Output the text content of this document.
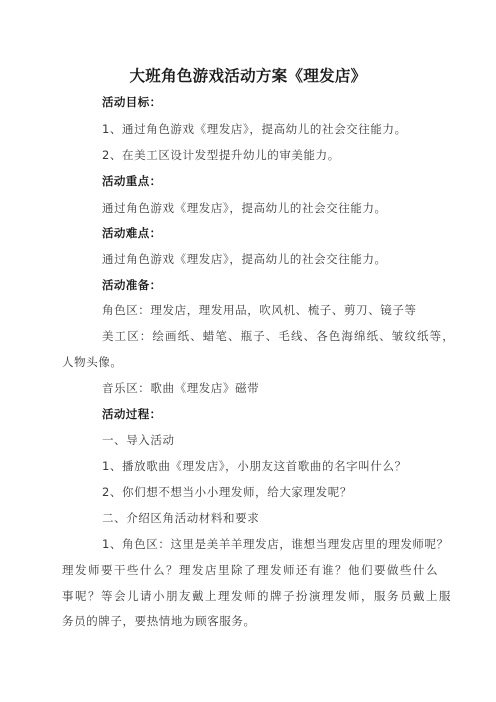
大班角色游戏活动方案《理发店》
活动目标：
1、通过角色游戏《理发店》，提高幼儿的社会交往能力。
2、在美工区设计发型提升幼儿的审美能力。
活动重点：
通过角色游戏《理发店》，提高幼儿的社会交往能力。
活动难点：
通过角色游戏《理发店》，提高幼儿的社会交往能力。
活动准备：
角色区：理发店，理发用品，吹风机、梳子、剪刀、镜子等
美工区：绘画纸、蜡笔、瓶子、毛线、各色海绵纸、皱纹纸等，
人物头像。
音乐区：歌曲《理发店》磁带
活动过程：
一、导入活动
1、播放歌曲《理发店》，小朋友这首歌曲的名字叫什么？
2、你们想不想当小小理发师，给大家理发呢？
二、介绍区角活动材料和要求
1、角色区：这里是美羊羊理发店，谁想当理发店里的理发师呢？
理发师要干些什么？理发店里除了理发师还有谁？他们要做些什么
事呢？等会儿请小朋友戴上理发师的牌子扮演理发师，服务员戴上服
务员的牌子，要热情地为顾客服务。
